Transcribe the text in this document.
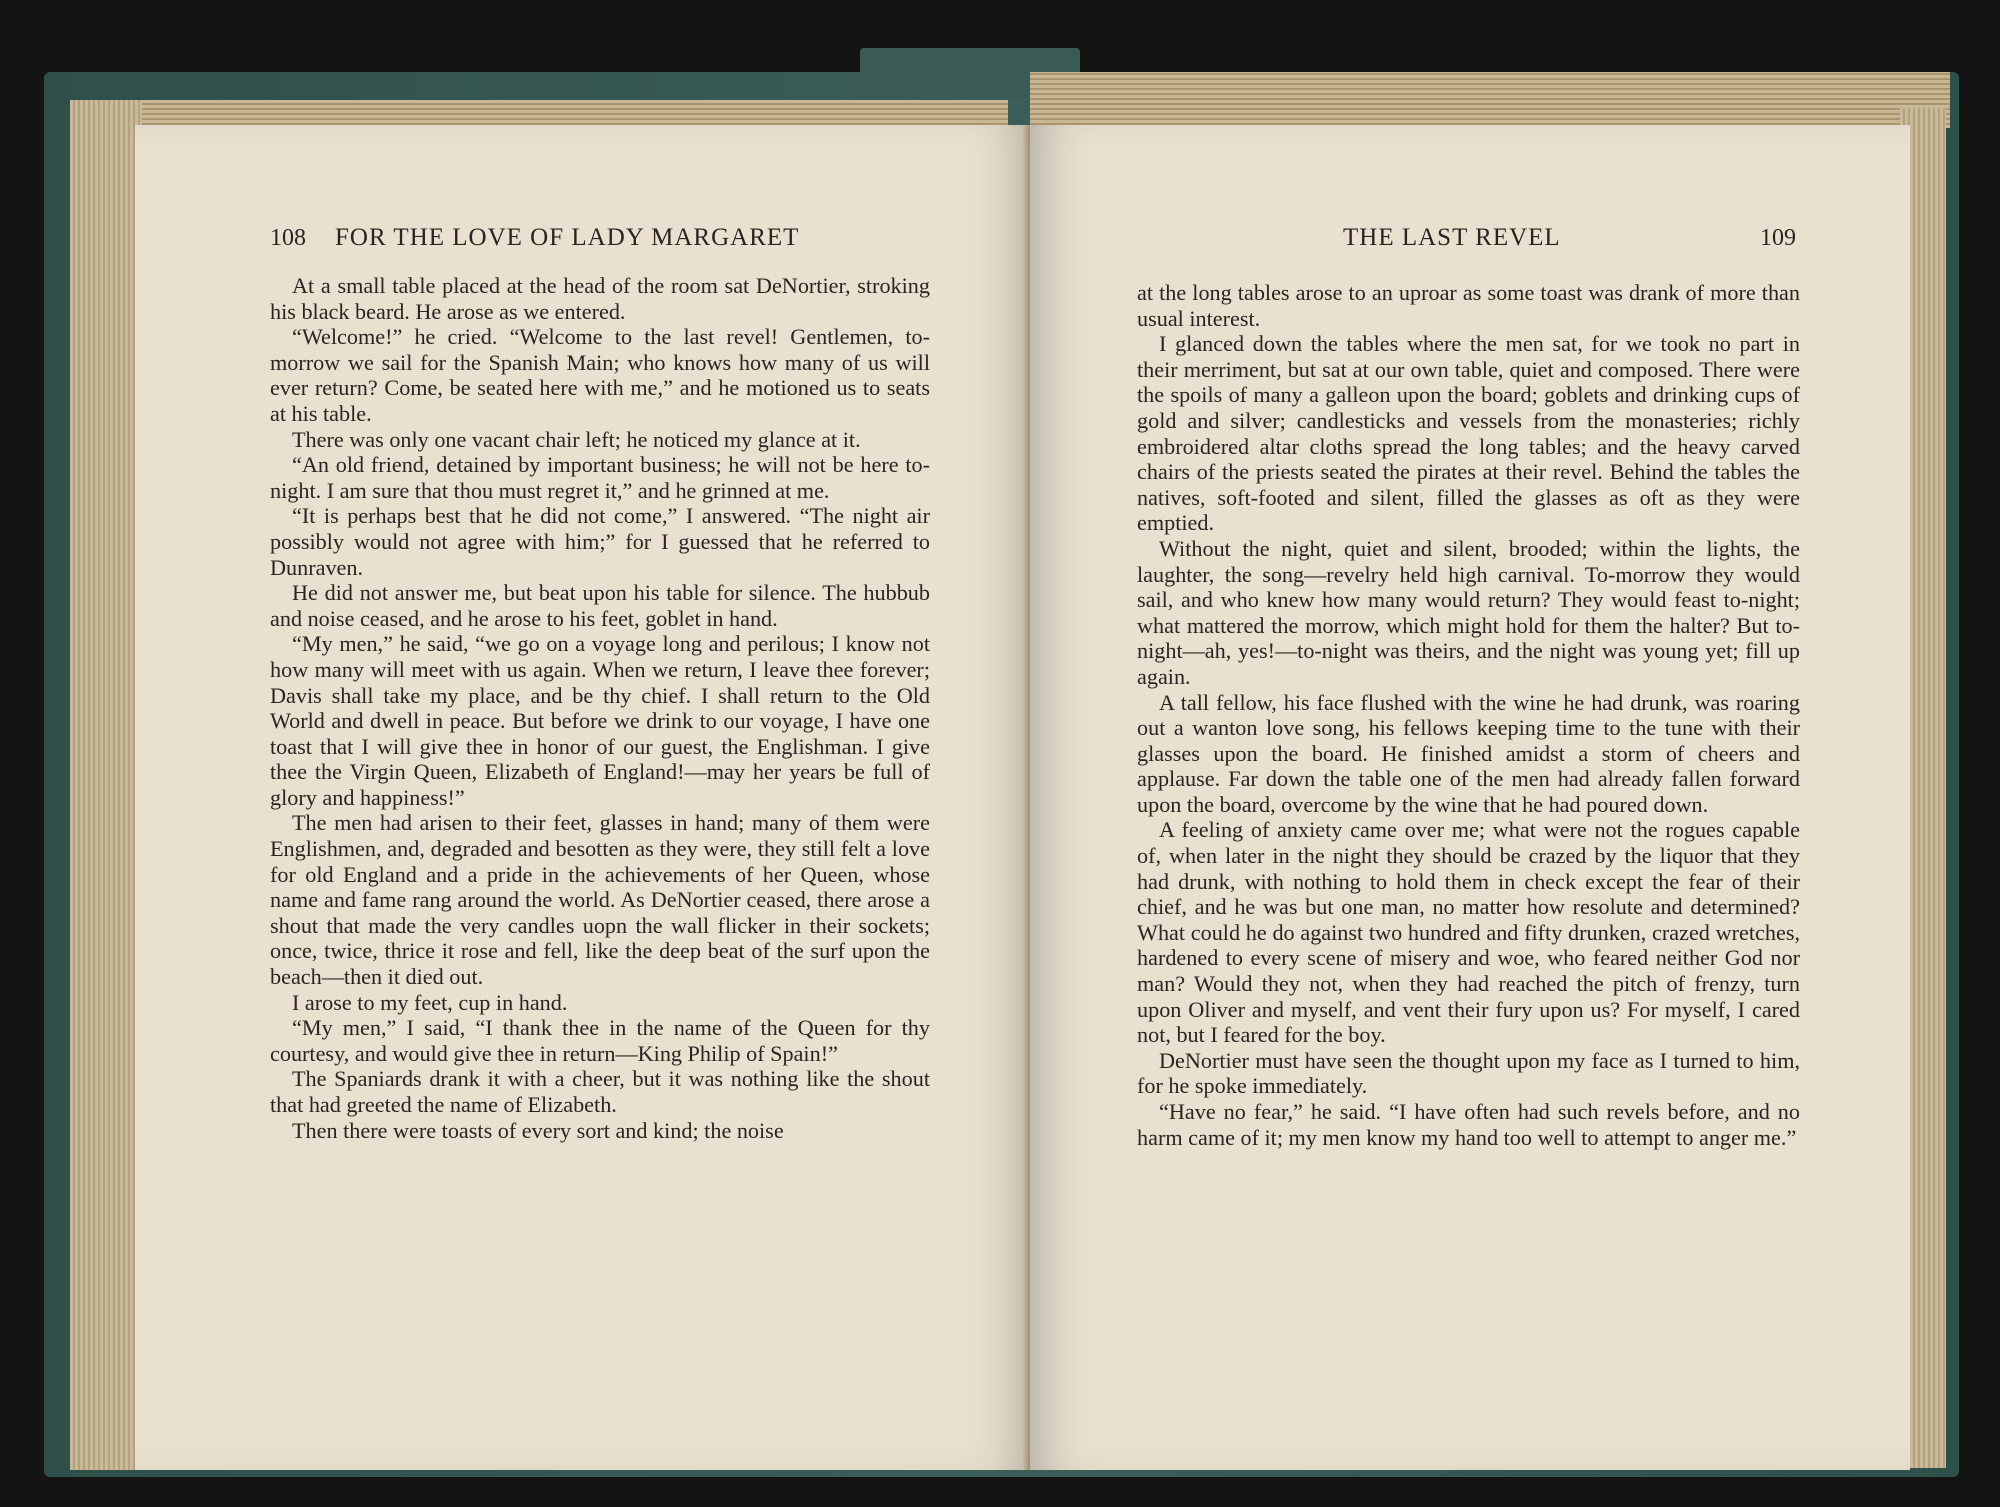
108 FOR THE LOVE OF LADY MARGARET

At a small table placed at the head of the room sat DeNortier, stroking his black beard. He arose as we entered.

“Welcome!” he cried. “Welcome to the last revel! Gentlemen, to-morrow we sail for the Spanish Main; who knows how many of us will ever return? Come, be seated here with me,” and he motioned us to seats at his table.

There was only one vacant chair left; he noticed my glance at it.

“An old friend, detained by important business; he will not be here to-night. I am sure that thou must regret it,” and he grinned at me.

“It is perhaps best that he did not come,” I answered. “The night air possibly would not agree with him;” for I guessed that he referred to Dunraven.

He did not answer me, but beat upon his table for silence. The hubbub and noise ceased, and he arose to his feet, goblet in hand.

“My men,” he said, “we go on a voyage long and perilous; I know not how many will meet with us again. When we return, I leave thee forever; Davis shall take my place, and be thy chief. I shall return to the Old World and dwell in peace. But before we drink to our voyage, I have one toast that I will give thee in honor of our guest, the Englishman. I give thee the Virgin Queen, Elizabeth of England!—may her years be full of glory and happiness!”

The men had arisen to their feet, glasses in hand; many of them were Englishmen, and, degraded and besotten as they were, they still felt a love for old England and a pride in the achievements of her Queen, whose name and fame rang around the world. As DeNortier ceased, there arose a shout that made the very candles uopn the wall flicker in their sockets; once, twice, thrice it rose and fell, like the deep beat of the surf upon the beach—then it died out.

I arose to my feet, cup in hand.

“My men,” I said, “I thank thee in the name of the Queen for thy courtesy, and would give thee in return—King Philip of Spain!”

The Spaniards drank it with a cheer, but it was nothing like the shout that had greeted the name of Elizabeth.

Then there were toasts of every sort and kind; the noise

THE LAST REVEL	109

at the long tables arose to an uproar as some toast was drank of more than usual interest.

I glanced down the tables where the men sat, for we took no part in their merriment, but sat at our own table, quiet and composed. There were the spoils of many a galleon upon the board; goblets and drinking cups of gold and silver; candlesticks and vessels from the monasteries; richly embroidered altar cloths spread the long tables; and the heavy carved chairs of the priests seated the pirates at their revel. Behind the tables the natives, soft-footed and silent, filled the glasses as oft as they were emptied.

Without the night, quiet and silent, brooded; within the lights, the laughter, the song—revelry held high carnival. To-morrow they would sail, and who knew how many would return? They would feast to-night; what mattered the morrow, which might hold for them the halter? But to-night—ah, yes!—to-night was theirs, and the night was young yet; fill up again.

A tall fellow, his face flushed with the wine he had drunk, was roaring out a wanton love song, his fellows keeping time to the tune with their glasses upon the board. He finished amidst a storm of cheers and applause. Far down the table one of the men had already fallen forward upon the board, overcome by the wine that he had poured down.

A feeling of anxiety came over me; what were not the rogues capable of, when later in the night they should be crazed by the liquor that they had drunk, with nothing to hold them in check except the fear of their chief, and he was but one man, no matter how resolute and determined? What could he do against two hundred and fifty drunken, crazed wretches, hardened to every scene of misery and woe, who feared neither God nor man? Would they not, when they had reached the pitch of frenzy, turn upon Oliver and myself, and vent their fury upon us? For myself, I cared not, but I feared for the boy.

DeNortier must have seen the thought upon my face as I turned to him, for he spoke immediately.

“Have no fear,” he said. “I have often had such revels before, and no harm came of it; my men know my hand too well to attempt to anger me.”
